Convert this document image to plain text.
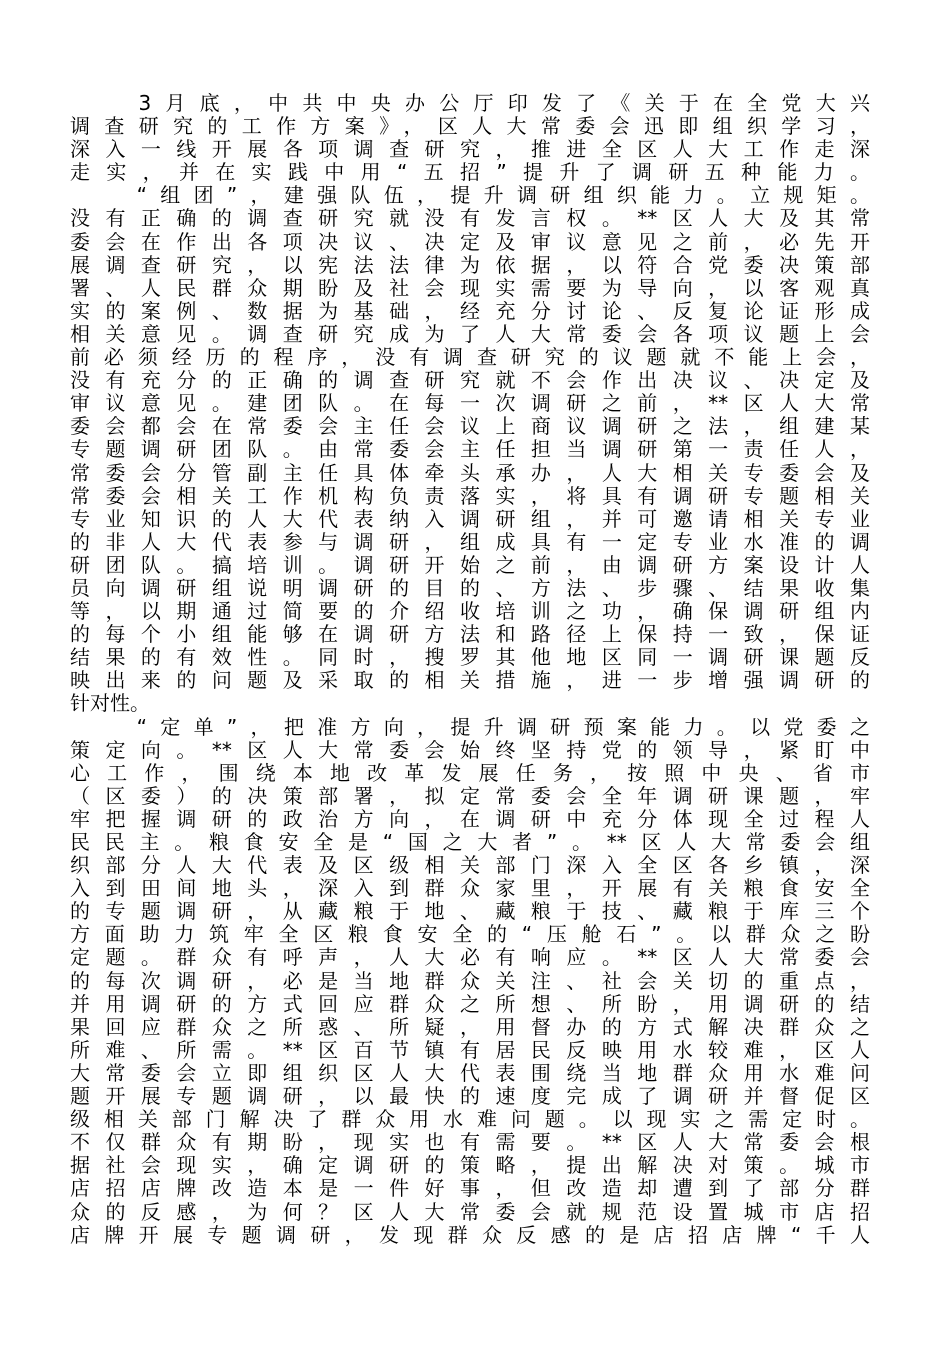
　　3月底，中共中央办公厅印发了《关于在全党大兴
调查研究的工作方案》，区人大常委会迅即组织学习，
深入一线开展各项调查研究，推进全区人大工作走深
走实，并在实践中用“五招”提升了调研五种能力。
　　“组团”，建强队伍，提升调研组织能力。立规矩。
没有正确的调查研究就没有发言权。**区人大及其常
委会在作出各项决议、决定及审议意见之前，必先开
展调查研究，以宪法法律为依据，以符合党委决策部
署、人民群众期盼及社会现实需要为导向，以客观真
实的案例、数据为基础，经充分讨论、反复论证形成
相关意见。调查研究成为了人大常委会各项议题上会
前必须经历的程序，没有调查研究的议题就不能上会，
没有充分的正确的调查研究就不会作出决议、决定及
审议意见。建团队。在每一次调研之前，**区人大常
委会都会在常委会主任会议上商议调研之法，组建某
专题调研团队。由常委会主任担当调研第一责任人，
常委会分管副主任具体牵头承办，人大相关专委会及
常委会相关工作机构负责落实，将具有调研专题相关
专业知识的人大代表纳入调研组，并可邀请相关专业
的非人大代表参与调研，组成具有一定专业水准的调
研团队。搞培训。调研开始之前，由调研方案设计人
员向调研组说明调研的目的、方法、步骤、结果收集
等，以期通过简要的介绍收培训之功，确保调研组内
的每个小组能够在调研方法和路径上保持一致，保证
结果的有效性。同时，搜罗其他地区同一调研课题反
映出来的问题及采取的相关措施，进一步增强调研的
针对性。
　　“定单”，把准方向，提升调研预案能力。以党委之
策定向。**区人大常委会始终坚持党的领导，紧盯中
心工作，围绕本地改革发展任务，按照中央、省市
（区委）的决策部署，拟定常委会全年调研课题，牢
牢把握调研的政治方向，在调研中充分体现全过程人
民民主。粮食安全是“国之大者”。**区人大常委会组
织部分人大代表及区级相关部门深入全区各乡镇，深
入到田间地头，深入到群众家里，开展有关粮食安全
的专题调研，从藏粮于地、藏粮于技、藏粮于库三个
方面助力筑牢全区粮食安全的“压舱石”。以群众之盼
定题。群众有呼声，人大必有响应。**区人大常委会
的每次调研，必是当地群众关注、社会关切的重点，
并用调研的方式回应群众之所想、所盼，用调研的结
果回应群众之所惑、所疑，用督办的方式解决群众之
所难、所需。**区百节镇有居民反映用水较难，区人
大常委会立即组织区人大代表围绕当地群众用水难问
题开展专题调研，以最快的速度完成了调研并督促区
级相关部门解决了群众用水难问题。以现实之需定时。
不仅群众有期盼，现实也有需要。**区人大常委会根
据社会现实，确定调研的策略，提出解决对策。城市
店招店牌改造本是一件好事，但改造却遭到了部分群
众的反感，为何？区人大常委会就规范设置城市店招
店牌开展专题调研，发现群众反感的是店招店牌“千人
